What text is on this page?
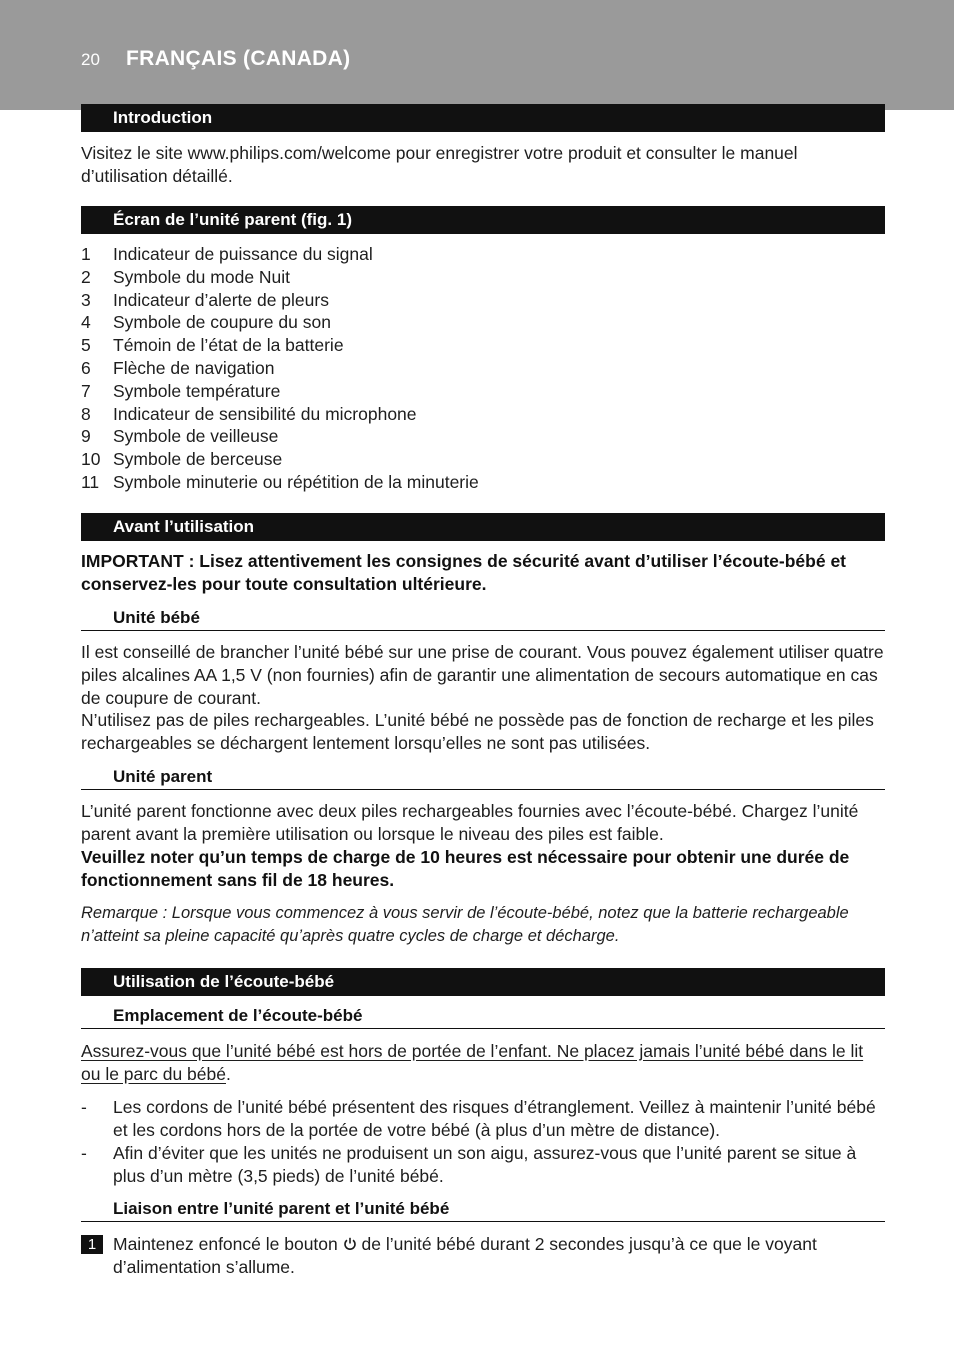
20 FRANÇAIS (CANADA)
Introduction
Visitez le site www.philips.com/welcome pour enregistrer votre produit et consulter le manuel d’utilisation détaillé.
Écran de l’unité parent (fig. 1)
1 Indicateur de puissance du signal
2 Symbole du mode Nuit
3 Indicateur d’alerte de pleurs
4 Symbole de coupure du son
5 Témoin de l’état de la batterie
6 Flèche de navigation
7 Symbole température
8 Indicateur de sensibilité du microphone
9 Symbole de veilleuse
10 Symbole de berceuse
11 Symbole minuterie ou répétition de la minuterie
Avant l’utilisation
IMPORTANT : Lisez attentivement les consignes de sécurité avant d’utiliser l’écoute-bébé et conservez-les pour toute consultation ultérieure.
Unité bébé
Il est conseillé de brancher l’unité bébé sur une prise de courant. Vous pouvez également utiliser quatre piles alcalines AA 1,5 V (non fournies) afin de garantir une alimentation de secours automatique en cas de coupure de courant.
N’utilisez pas de piles rechargeables. L’unité bébé ne possède pas de fonction de recharge et les piles rechargeables se déchargent lentement lorsqu’elles ne sont pas utilisées.
Unité parent
L’unité parent fonctionne avec deux piles rechargeables fournies avec l’écoute-bébé. Chargez l’unité parent avant la première utilisation ou lorsque le niveau des piles est faible.
Veuillez noter qu’un temps de charge de 10 heures est nécessaire pour obtenir une durée de fonctionnement sans fil de 18 heures.
Remarque : Lorsque vous commencez à vous servir de l’écoute-bébé, notez que la batterie rechargeable n’atteint sa pleine capacité qu’après quatre cycles de charge et décharge.
Utilisation de l’écoute-bébé
Emplacement de l’écoute-bébé
Assurez-vous que l’unité bébé est hors de portée de l’enfant. Ne placez jamais l’unité bébé dans le lit ou le parc du bébé.
-	Les cordons de l’unité bébé présentent des risques d’étranglement. Veillez à maintenir l’unité bébé et les cordons hors de la portée de votre bébé (à plus d’un mètre de distance).
-	Afin d’éviter que les unités ne produisent un son aigu, assurez-vous que l’unité parent se situe à plus d’un mètre (3,5 pieds) de l’unité bébé.
Liaison entre l’unité parent et l’unité bébé
1 Maintenez enfoncé le bouton de l’unité bébé durant 2 secondes jusqu’à ce que le voyant d’alimentation s’allume.
